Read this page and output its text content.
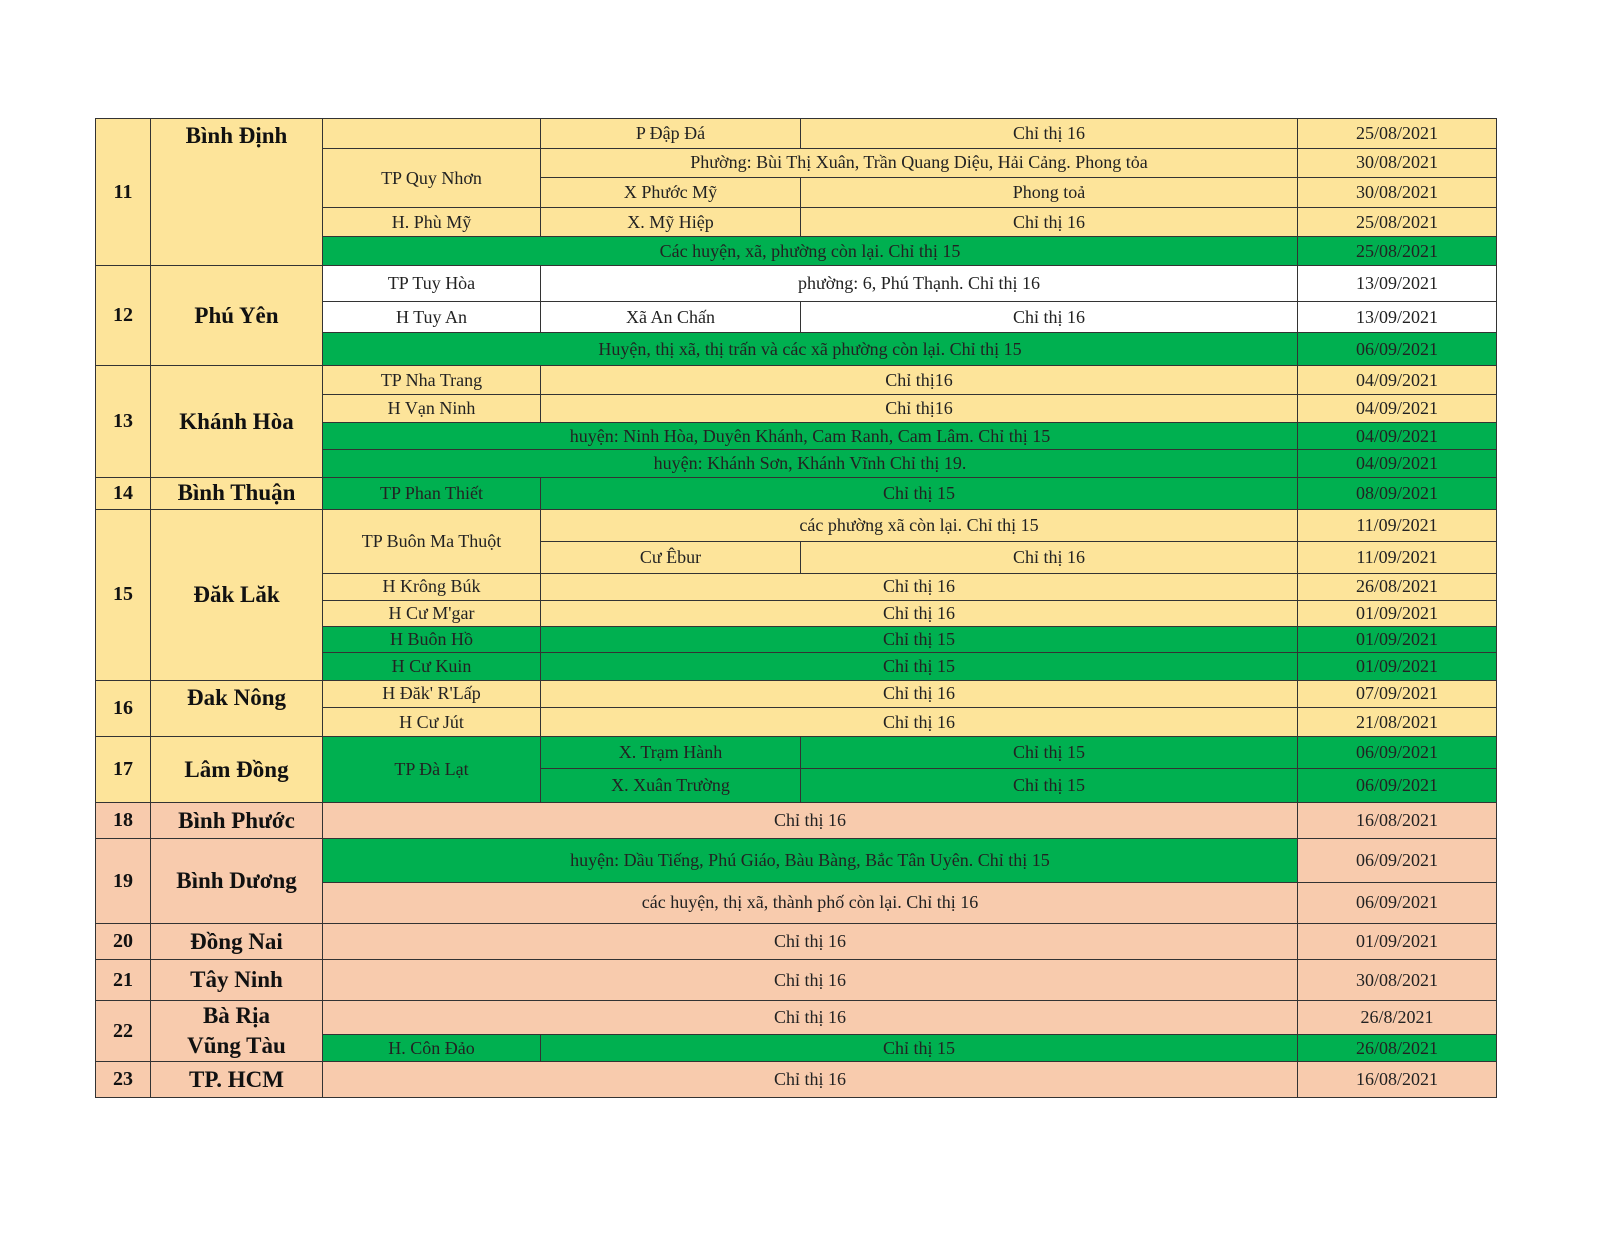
11	Bình Định		P Đập Đá	Chỉ thị 16	25/08/2021
		TP Quy Nhơn	Phường: Bùi Thị Xuân, Trần Quang Diệu, Hải Cảng. Phong tỏa		30/08/2021
			X Phước Mỹ	Phong toả	30/08/2021
		H. Phù Mỹ	X. Mỹ Hiệp	Chỉ thị 16	25/08/2021
		Các huyện, xã, phường còn lại. Chỉ thị 15			25/08/2021
12	Phú Yên	TP Tuy Hòa	phường: 6, Phú Thạnh. Chỉ thị 16		13/09/2021
		H Tuy An	Xã An Chấn	Chỉ thị 16	13/09/2021
		Huyện, thị xã, thị trấn và các xã phường còn lại. Chỉ thị 15			06/09/2021
13	Khánh Hòa	TP Nha Trang	Chỉ thị16		04/09/2021
		H Vạn Ninh	Chỉ thị16		04/09/2021
		huyện: Ninh Hòa, Duyên Khánh, Cam Ranh, Cam Lâm. Chỉ thị 15			04/09/2021
		huyện: Khánh Sơn, Khánh Vĩnh Chỉ thị 19.			04/09/2021
14	Bình Thuận	TP Phan Thiết	Chỉ thị 15		08/09/2021
15	Đăk Lăk	TP Buôn Ma Thuột	các phường xã còn lại. Chỉ thị 15		11/09/2021
			Cư Êbur	Chỉ thị 16	11/09/2021
		H Krông Búk	Chỉ thị 16		26/08/2021
		H Cư M'gar	Chỉ thị 16		01/09/2021
		H Buôn Hồ	Chỉ thị 15		01/09/2021
		H Cư Kuin	Chỉ thị 15		01/09/2021
16	Đak Nông	H Đăk' R'Lấp	Chỉ thị 16		07/09/2021
		H Cư Jút	Chỉ thị 16		21/08/2021
17	Lâm Đồng	TP Đà Lạt	X. Trạm Hành	Chỉ thị 15	06/09/2021
			X. Xuân Trường	Chỉ thị 15	06/09/2021
18	Bình Phước	Chỉ thị 16			16/08/2021
19	Bình Dương	huyện: Dầu Tiếng, Phú Giáo, Bàu Bàng, Bắc Tân Uyên. Chỉ thị 15			06/09/2021
		các huyện, thị xã, thành phố còn lại. Chỉ thị 16			06/09/2021
20	Đồng Nai	Chỉ thị 16			01/09/2021
21	Tây Ninh	Chỉ thị 16			30/08/2021
22	Bà Rịa
Vũng Tàu	Chỉ thị 16			26/8/2021
		H. Côn Đảo	Chỉ thị 15		26/08/2021
23	TP. HCM	Chỉ thị 16			16/08/2021
